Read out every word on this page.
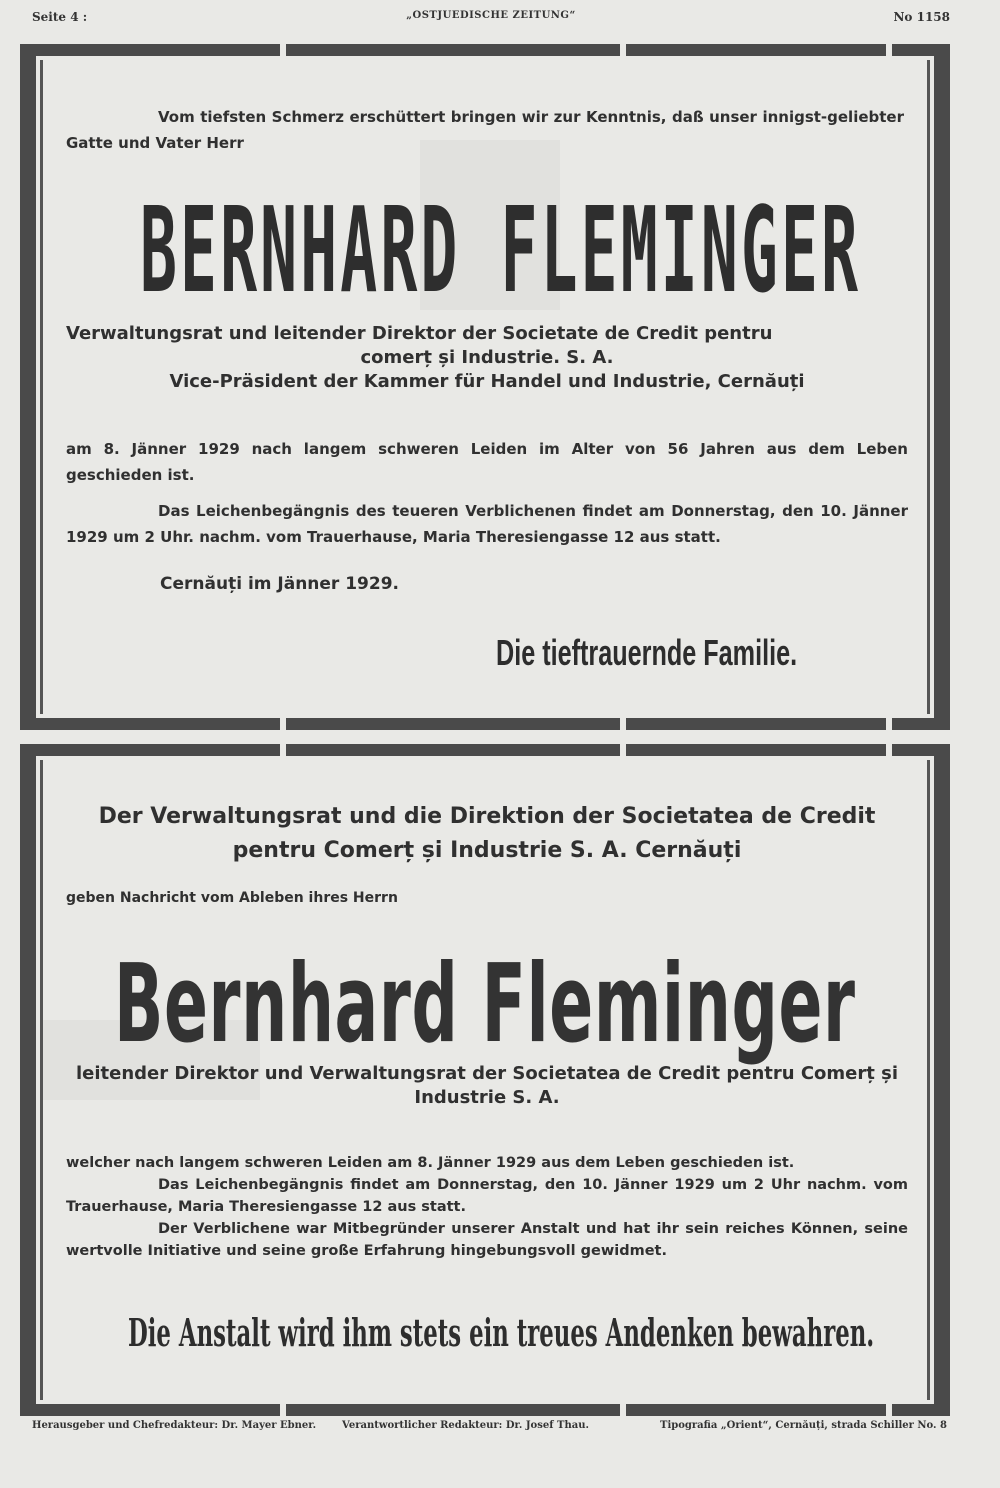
Seite 4 :	„OSTJUEDISCHE ZEITUNG“	No 1158
Vom tiefsten Schmerz erschüttert bringen wir zur Kenntnis, daß unser innigst-geliebter Gatte und Vater Herr
BERNHARD FLEMINGER
Verwaltungsrat und leitender Direktor der Societate de Credit pentru
comerț și Industrie. S. A.
Vice-Präsident der Kammer für Handel und Industrie, Cernăuți
am 8. Jänner 1929 nach langem schweren Leiden im Alter von 56 Jahren aus dem Leben geschieden ist.
Das Leichenbegängnis des teueren Verblichenen findet am Donnerstag, den 10. Jänner 1929 um 2 Uhr. nachm. vom Trauerhause, Maria Theresiengasse 12 aus statt.
Cernăuți im Jänner 1929.
Die tieftrauernde Familie.
Der Verwaltungsrat und die Direktion der Societatea de Credit pentru Comerț și Industrie S. A. Cernăuți
geben Nachricht vom Ableben ihres Herrn
Bernhard Fleminger
leitender Direktor und Verwaltungsrat der Societatea de Credit pentru Comerț și Industrie S. A.
welcher nach langem schweren Leiden am 8. Jänner 1929 aus dem Leben geschieden ist.
Das Leichenbegängnis findet am Donnerstag, den 10. Jänner 1929 um 2 Uhr nachm. vom Trauerhause, Maria Theresiengasse 12 aus statt.
Der Verblichene war Mitbegründer unserer Anstalt und hat ihr sein reiches Können, seine wertvolle Initiative und seine große Erfahrung hingebungsvoll gewidmet.
Die Anstalt wird ihm stets ein treues Andenken bewahren.
Herausgeber und Chefredakteur: Dr. Mayer Ebner.	Verantwortlicher Redakteur: Dr. Josef Thau.	Tipografia „Orient“, Cernăuți, strada Schiller No. 8
